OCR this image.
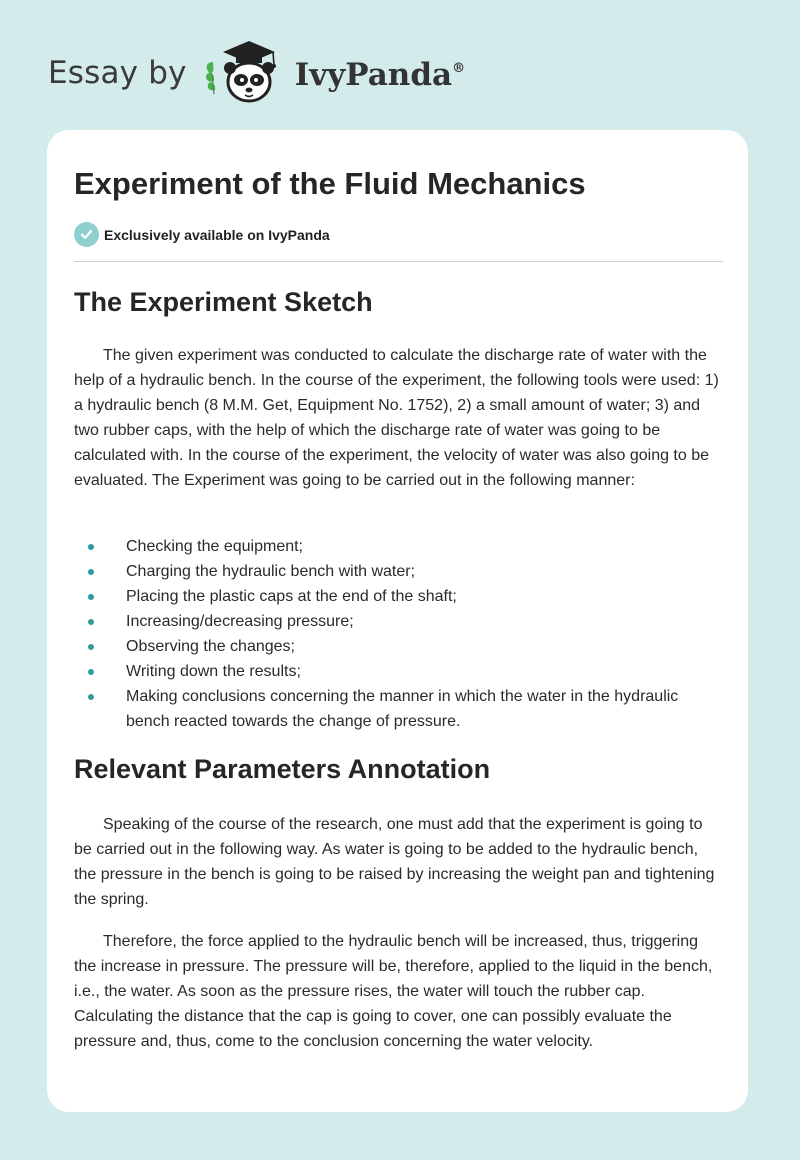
Essay by	IvyPanda®
Experiment of the Fluid Mechanics
Exclusively available on IvyPanda
The Experiment Sketch

The given experiment was conducted to calculate the discharge rate of water with the help of a hydraulic bench. In the course of the experiment, the following tools were used: 1) a hydraulic bench (8 M.M. Get, Equipment No. 1752), 2) a small amount of water; 3) and two rubber caps, with the help of which the discharge rate of water was going to be calculated with. In the course of the experiment, the velocity of water was also going to be evaluated. The Experiment was going to be carried out in the following manner:

Checking the equipment;
Charging the hydraulic bench with water;
Placing the plastic caps at the end of the shaft;
Increasing/decreasing pressure;
Observing the changes;
Writing down the results;
Making conclusions concerning the manner in which the water in the hydraulic bench reacted towards the change of pressure.
Relevant Parameters Annotation

Speaking of the course of the research, one must add that the experiment is going to be carried out in the following way. As water is going to be added to the hydraulic bench, the pressure in the bench is going to be raised by increasing the weight pan and tightening the spring.

Therefore, the force applied to the hydraulic bench will be increased, thus, triggering the increase in pressure. The pressure will be, therefore, applied to the liquid in the bench, i.e., the water. As soon as the pressure rises, the water will touch the rubber cap. Calculating the distance that the cap is going to cover, one can possibly evaluate the pressure and, thus, come to the conclusion concerning the water velocity.
